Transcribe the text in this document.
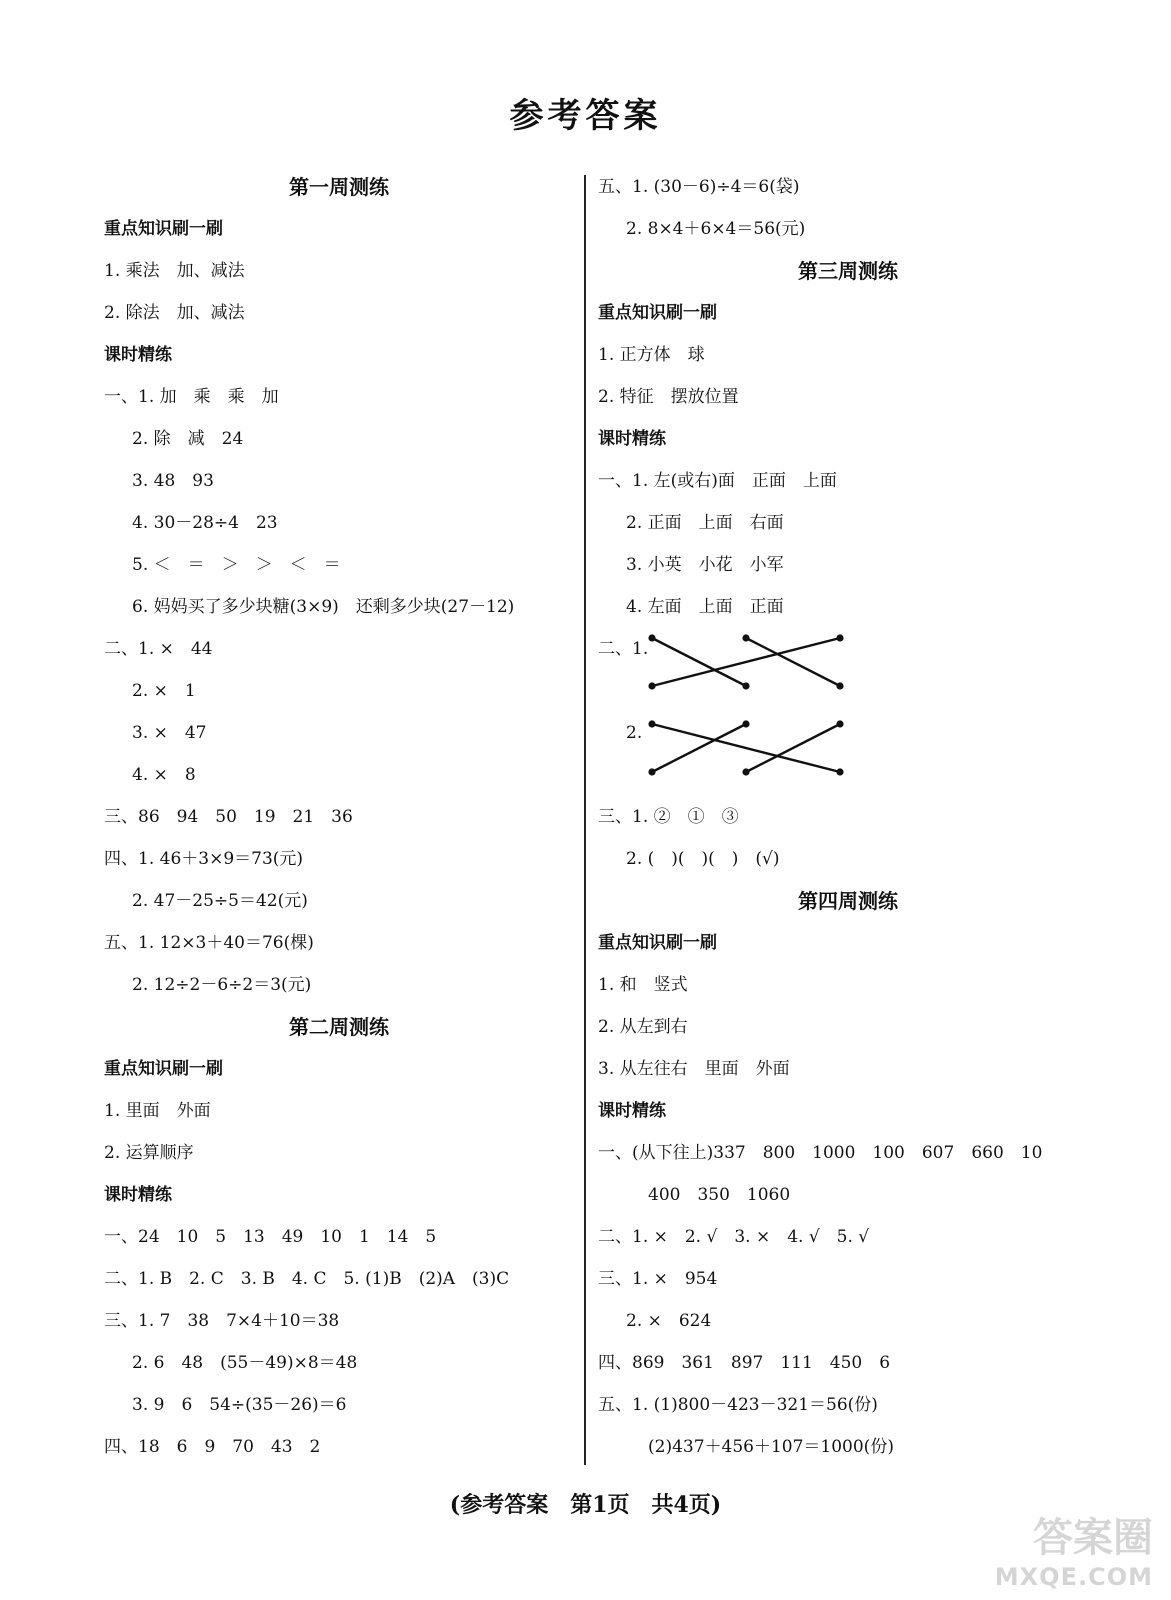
参考答案
第一周测练
重点知识刷一刷
1. 乘法　加、减法
2. 除法　加、减法
课时精练
一、1. 加　乘　乘　加
2. 除　减　24
3. 48　93
4. 30－28÷4　23
5. ＜　＝　＞　＞　＜　＝
6. 妈妈买了多少块糖(3×9)　还剩多少块(27－12)
二、1. ×　44
2. ×　1
3. ×　47
4. ×　8
三、86　94　50　19　21　36
四、1. 46＋3×9＝73(元)
2. 47－25÷5＝42(元)
五、1. 12×3＋40＝76(棵)
2. 12÷2－6÷2＝3(元)
第二周测练
重点知识刷一刷
1. 里面　外面
2. 运算顺序
课时精练
一、24　10　5　13　49　10　1　14　5
二、1. B　2. C　3. B　4. C　5. (1)B　(2)A　(3)C
三、1. 7　38　7×4＋10＝38
2. 6　48　(55－49)×8＝48
3. 9　6　54÷(35－26)＝6
四、18　6　9　70　43　2
五、1. (30－6)÷4＝6(袋)
2. 8×4＋6×4＝56(元)
第三周测练
重点知识刷一刷
1. 正方体　球
2. 特征　摆放位置
课时精练
一、1. 左(或右)面　正面　上面
2. 正面　上面　右面
3. 小英　小花　小军
4. 左面　上面　正面
二、1.
2.
三、1. ②　①　③
2. (　)(　)(　)　(√)
第四周测练
重点知识刷一刷
1. 和　竖式
2. 从左到右
3. 从左往右　里面　外面
课时精练
一、(从下往上)337　800　1000　100　607　660　10
400　350　1060
二、1. ×　2. √　3. ×　4. √　5. √
三、1. ×　954
2. ×　624
四、869　361　897　111　450　6
五、1. (1)800－423－321＝56(份)
(2)437＋456＋107＝1000(份)
(参考答案　第1页　共4页)
答案圈
MXQE.COM
